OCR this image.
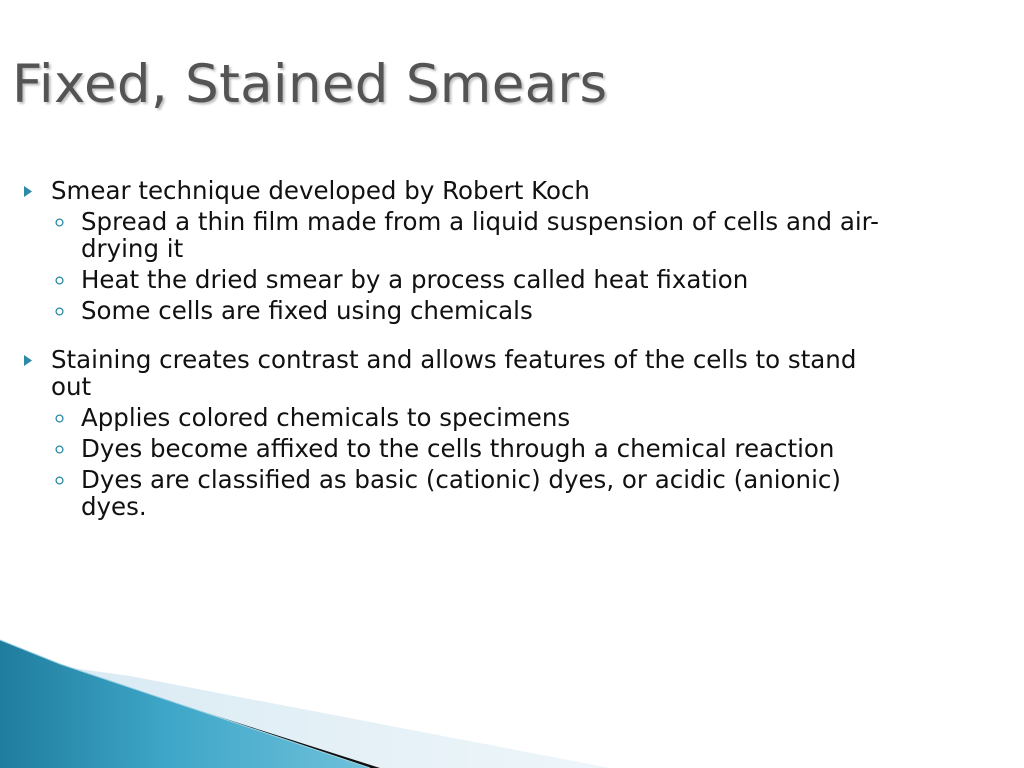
Fixed, Stained Smears
Smear technique developed by Robert Koch
Spread a thin film made from a liquid suspension of cells and air-drying it
Heat the dried smear by a process called heat fixation
Some cells are fixed using chemicals
Staining creates contrast and allows features of the cells to stand out
Applies colored chemicals to specimens
Dyes become affixed to the cells through a chemical reaction
Dyes are classified as basic (cationic) dyes, or acidic (anionic) dyes.
